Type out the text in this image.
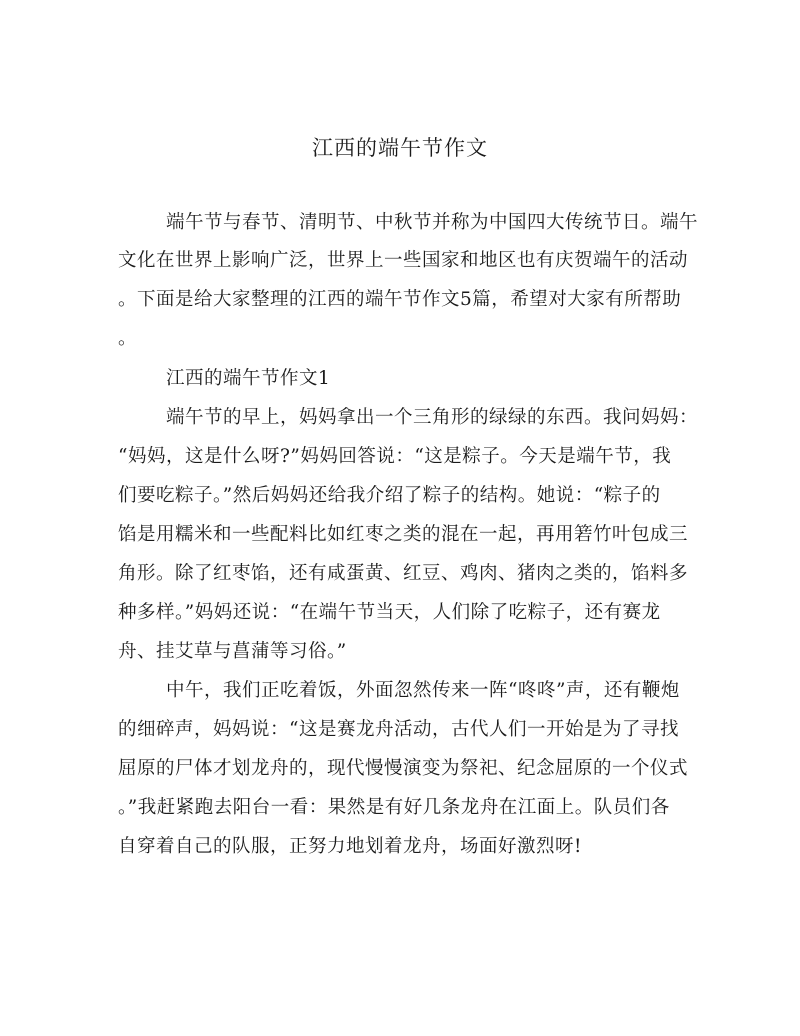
江西的端午节作文

端午节与春节、清明节、中秋节并称为中国四大传统节日。端午

文化在世界上影响广泛，世界上一些国家和地区也有庆贺端午的活动

。下面是给大家整理的江西的端午节作文5篇，希望对大家有所帮助

。

江西的端午节作文1

端午节的早上，妈妈拿出一个三角形的绿绿的东西。我问妈妈：

“妈妈，这是什么呀?”妈妈回答说：“这是粽子。今天是端午节，我

们要吃粽子。”然后妈妈还给我介绍了粽子的结构。她说：“粽子的

馅是用糯米和一些配料比如红枣之类的混在一起，再用箬竹叶包成三

角形。除了红枣馅，还有咸蛋黄、红豆、鸡肉、猪肉之类的，馅料多

种多样。”妈妈还说：“在端午节当天，人们除了吃粽子，还有赛龙

舟、挂艾草与菖蒲等习俗。”

中午，我们正吃着饭，外面忽然传来一阵“咚咚”声，还有鞭炮

的细碎声，妈妈说：“这是赛龙舟活动，古代人们一开始是为了寻找

屈原的尸体才划龙舟的，现代慢慢演变为祭祀、纪念屈原的一个仪式

。”我赶紧跑去阳台一看：果然是有好几条龙舟在江面上。队员们各

自穿着自己的队服，正努力地划着龙舟，场面好激烈呀!
